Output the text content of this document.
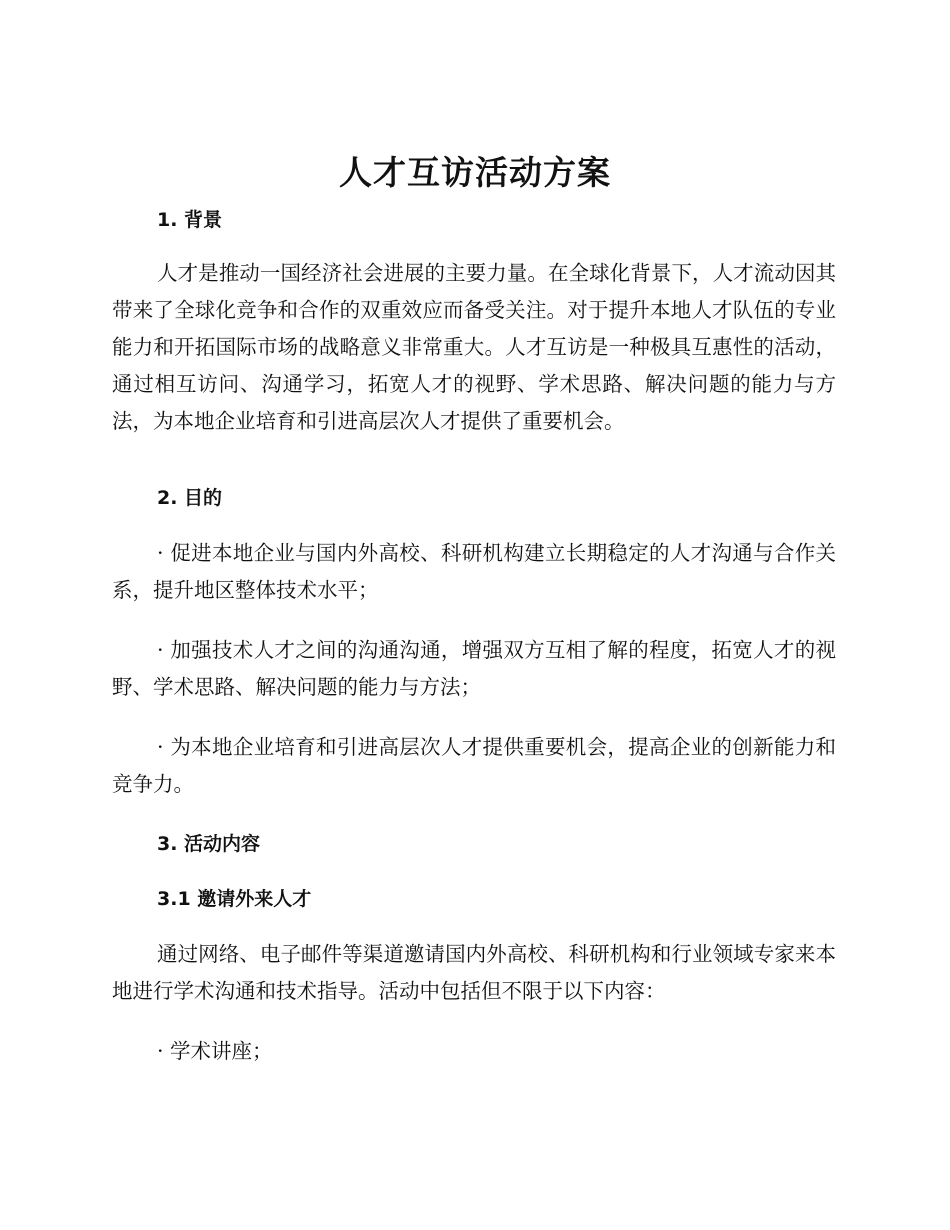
人才互访活动方案
1. 背景

人才是推动一国经济社会进展的主要力量。在全球化背景下，人才流动因其带来了全球化竞争和合作的双重效应而备受关注。对于提升本地人才队伍的专业能力和开拓国际市场的战略意义非常重大。人才互访是一种极具互惠性的活动，通过相互访问、沟通学习，拓宽人才的视野、学术思路、解决问题的能力与方法，为本地企业培育和引进高层次人才提供了重要机会。

2. 目的

· 促进本地企业与国内外高校、科研机构建立长期稳定的人才沟通与合作关系，提升地区整体技术水平；

· 加强技术人才之间的沟通沟通，增强双方互相了解的程度，拓宽人才的视野、学术思路、解决问题的能力与方法；

· 为本地企业培育和引进高层次人才提供重要机会，提高企业的创新能力和竞争力。

3. 活动内容
3.1 邀请外来人才

通过网络、电子邮件等渠道邀请国内外高校、科研机构和行业领域专家来本地进行学术沟通和技术指导。活动中包括但不限于以下内容：

· 学术讲座；
